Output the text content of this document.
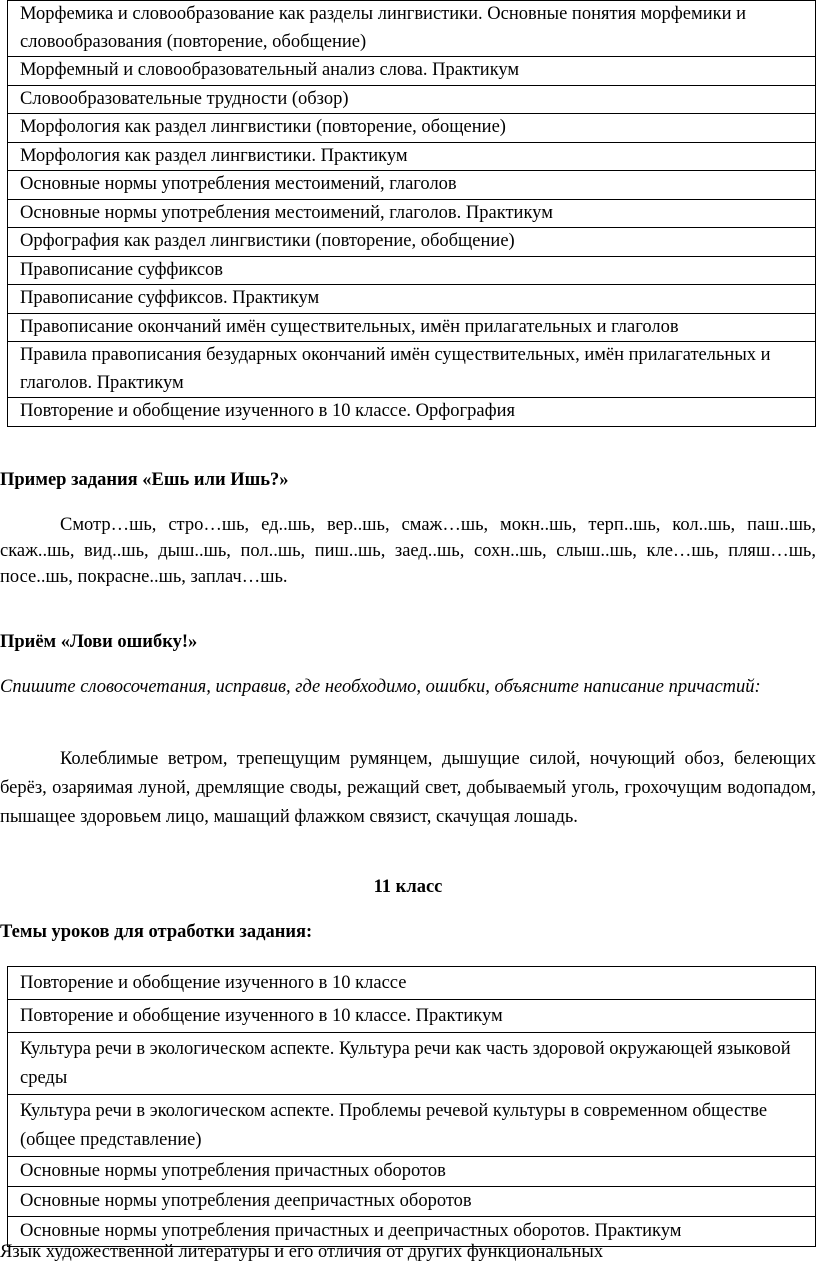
Морфемика и словообразование как разделы лингвистики. Основные понятия морфемики и словообразования (повторение, обобщение)
Морфемный и словообразовательный анализ слова. Практикум
Словообразовательные трудности (обзор)
Морфология как раздел лингвистики (повторение, обощение)
Морфология как раздел лингвистики. Практикум
Основные нормы употребления местоимений, глаголов
Основные нормы употребления местоимений, глаголов. Практикум
Орфография как раздел лингвистики (повторение, обобщение)
Правописание суффиксов
Правописание суффиксов. Практикум
Правописание окончаний имён существительных, имён прилагательных и глаголов
Правила правописания безударных окончаний имён существительных, имён прилагательных и глаголов. Практикум
Повторение и обобщение изученного в 10 классе. Орфография
Пример задания «Ешь или Ишь?»
Смотр…шь, стро…шь, ед..шь, вер..шь, смаж…шь, мокн..шь, терп..шь, кол..шь, паш..шь, скаж..шь, вид..шь, дыш..шь, пол..шь, пиш..шь, заед..шь, сохн..шь, слыш..шь, кле…шь, пляш…шь, посе..шь, покрасне..шь, заплач…шь.
Приём «Лови ошибку!»
Спишите словосочетания, исправив, где необходимо, ошибки, объясните написание причастий:
Колеблимые ветром, трепещущим румянцем, дышущие силой, ночующий обоз, белеющих берёз, озаряимая луной, дремлящие своды, режащий свет, добываемый уголь, грохочущим водопадом, пышащее здоровьем лицо, машащий флажком связист, скачущая лошадь.
11 класс
Темы уроков для отработки задания:
Повторение и обобщение изученного в 10 классе
Повторение и обобщение изученного в 10 классе. Практикум
Культура речи в экологическом аспекте. Культура речи как часть здоровой окружающей языковой среды
Культура речи в экологическом аспекте. Проблемы речевой культуры в современном обществе (общее представление)
Основные нормы употребления причастных оборотов
Основные нормы употребления деепричастных оборотов
Основные нормы употребления причастных и деепричастных оборотов. Практикум
Язык художественной литературы и его отличия от других функциональных
